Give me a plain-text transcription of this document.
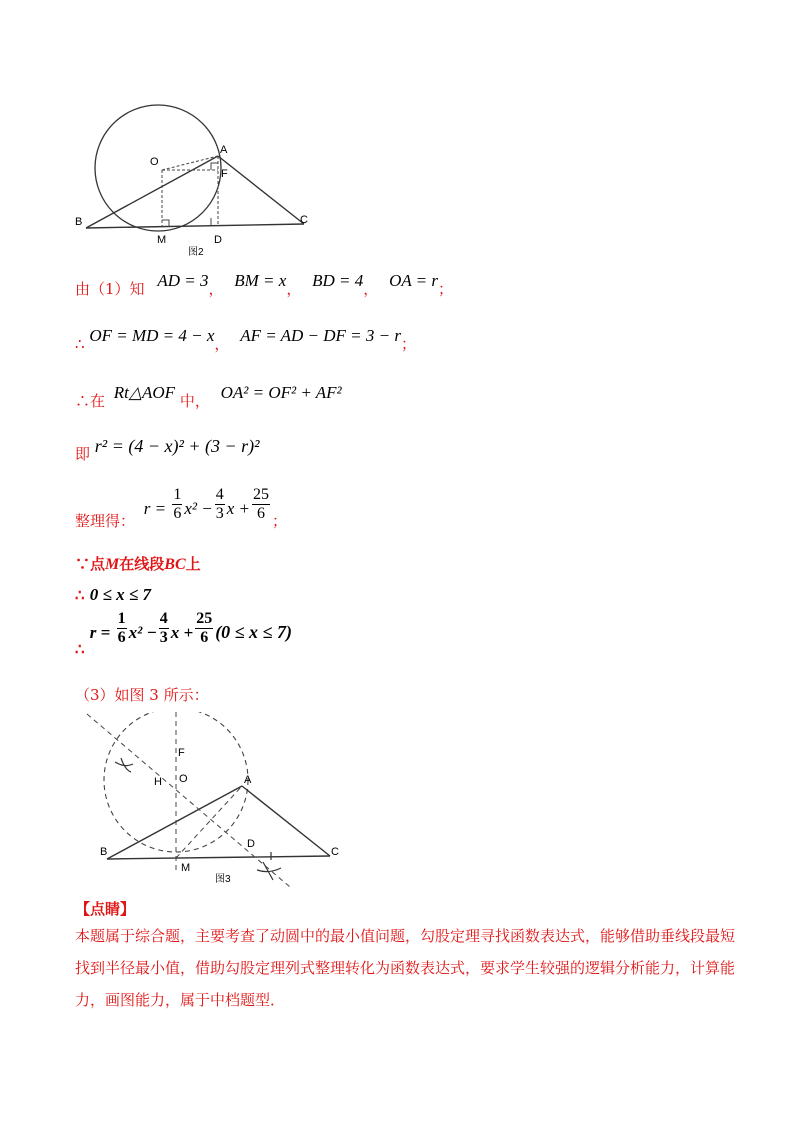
O
A
F
B
M	D
C
图2
由（1）知 AD = 3， BM = x， BD = 4， OA = r；
∴ OF = MD = 4 − x， AF = AD − DF = 3 − r；
∴在 Rt△AOF 中， OA² = OF² + AF²
即 r² = (4 − x)² + (3 − r)²
整理得： $r = \frac{1}{6} x^2 - \frac{4}{3}$ $x + \frac{25}{6}$ ；
∵点M在线段BC上
∴ 0 ≤ x ≤ 7
∴ $r = \frac{1}{6} x^2 - \frac{4}{3}$ $x + \frac{25}{6} (0 \le x \le 7)$
（3）如图 3 所示：
F
H O	A
B
M
D
C
图3
【点睛】
本题属于综合题，主要考查了动圆中的最小值问题，勾股定理寻找函数表达式，能够借助垂线段最短找到半径最小值，借助勾股定理列式整理转化为函数表达式，要求学生较强的逻辑分析能力，计算能力，画图能力，属于中档题型．
